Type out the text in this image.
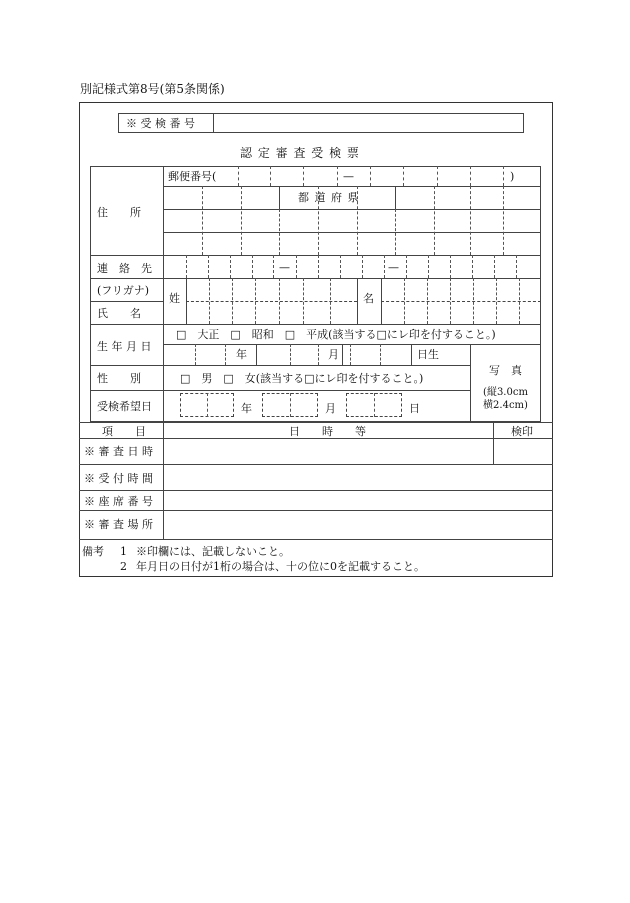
別記様式第8号(第5条関係)
※ 受 検 番 号
認 定 審 査 受 検 票
住　　所
郵便番号(	—	)
都 道 府 県
連　絡　先	—	—
(フリガナ)
氏　　名
姓	名
生 年 月 日
□　大正　□　昭和　□　平成(該当する□にレ印を付すること。)
年	月	日生
性　　別	□　男　□　女(該当する□にレ印を付すること。)
受検希望日	年	月	日
写　真
(縦3.0cm
横2.4cm)
項　　目	日　　時　　等	検印
※ 審 査 日 時
※ 受 付 時 間
※ 座 席 番 号
※ 審 査 場 所
備考 1 ※印欄には、記載しないこと。
2 年月日の日付が1桁の場合は、十の位に0を記載すること。
